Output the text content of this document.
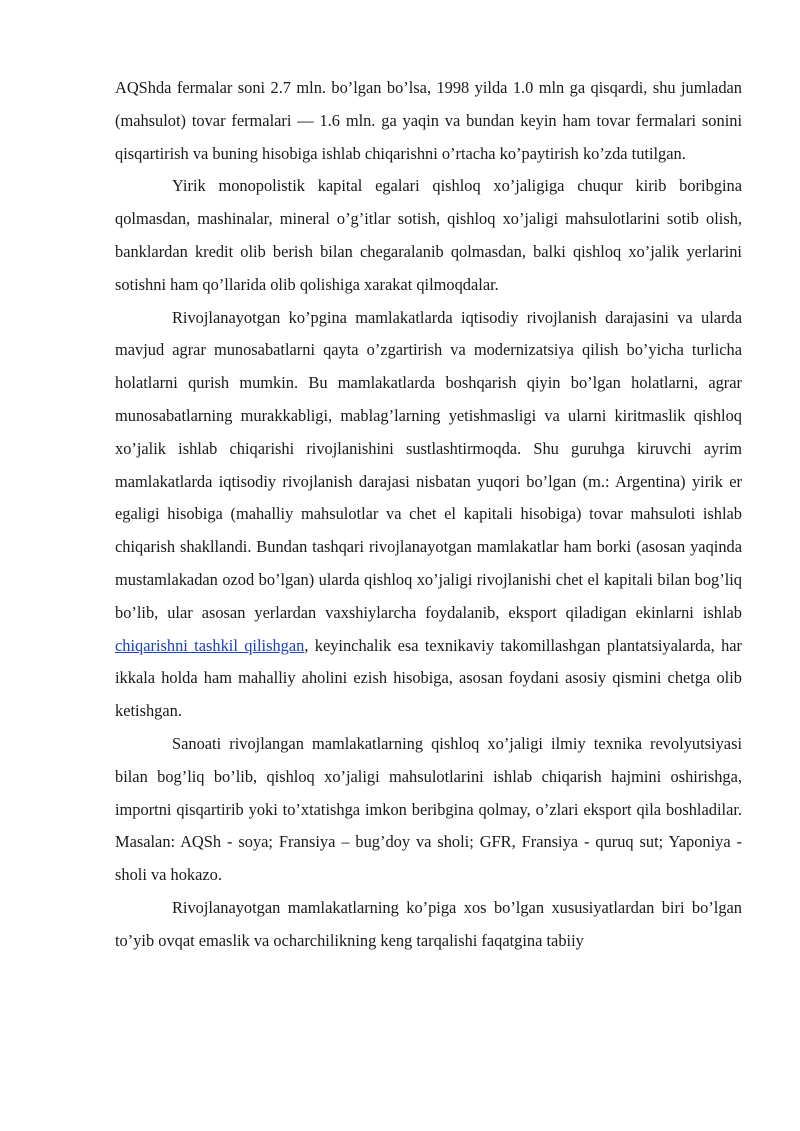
AQShda fermalar soni 2.7 mln. bo’lgan bo’lsa, 1998 yilda 1.0 mln ga qisqardi, shu jumladan (mahsulot) tovar fermalari — 1.6 mln. ga yaqin va bundan keyin ham tovar fermalari sonini qisqartirish va buning hisobiga ishlab chiqarishni o’rtacha ko’paytirish ko’zda tutilgan.

Yirik monopolistik kapital egalari qishloq xo’jaligiga chuqur kirib boribgina qolmasdan, mashinalar, mineral o’g’itlar sotish, qishloq xo’jaligi mahsulotlarini sotib olish, banklardan kredit olib berish bilan chegaralanib qolmasdan, balki qishloq xo’jalik yerlarini sotishni ham qo’llarida olib qolishiga xarakat qilmoqdalar.

Rivojlanayotgan ko’pgina mamlakatlarda iqtisodiy rivojlanish darajasini va ularda mavjud agrar munosabatlarni qayta o’zgartirish va modernizatsiya qilish bo’yicha turlicha holatlarni qurish mumkin. Bu mamlakatlarda boshqarish qiyin bo’lgan holatlarni, agrar munosabatlarning murakkabligi, mablag’larning yetishmasligi va ularni kiritmaslik qishloq xo’jalik ishlab chiqarishi rivojlanishini sustlashtirmoqda. Shu guruhga kiruvchi ayrim mamlakatlarda iqtisodiy rivojlanish darajasi nisbatan yuqori bo’lgan (m.: Argentina) yirik er egaligi hisobiga (mahalliy mahsulotlar va chet el kapitali hisobiga) tovar mahsuloti ishlab chiqarish shakllandi. Bundan tashqari rivojlanayotgan mamlakatlar ham borki (asosan yaqinda mustamlakadan ozod bo’lgan) ularda qishloq xo’jaligi rivojlanishi chet el kapitali bilan bog’liq bo’lib, ular asosan yerlardan vaxshiylarcha foydalanib, eksport qiladigan ekinlarni ishlab chiqarishni tashkil qilishgan, keyinchalik esa texnikaviy takomillashgan plantatsiyalarda, har ikkala holda ham mahalliy aholini ezish hisobiga, asosan foydani asosiy qismini chetga olib ketishgan.

Sanoati rivojlangan mamlakatlarning qishloq xo’jaligi ilmiy texnika revolyutsiyasi bilan bog’liq bo’lib, qishloq xo’jaligi mahsulotlarini ishlab chiqarish hajmini oshirishga, importni qisqartirib yoki to’xtatishga imkon beribgina qolmay, o’zlari eksport qila boshladilar. Masalan: AQSh - soya; Fransiya – bug’doy va sholi; GFR, Fransiya - quruq sut; Yaponiya - sholi va hokazo.

Rivojlanayotgan mamlakatlarning ko’piga xos bo’lgan xususiyatlardan biri bo’lgan to’yib ovqat emaslik va ocharchilikning keng tarqalishi faqatgina tabiiy
